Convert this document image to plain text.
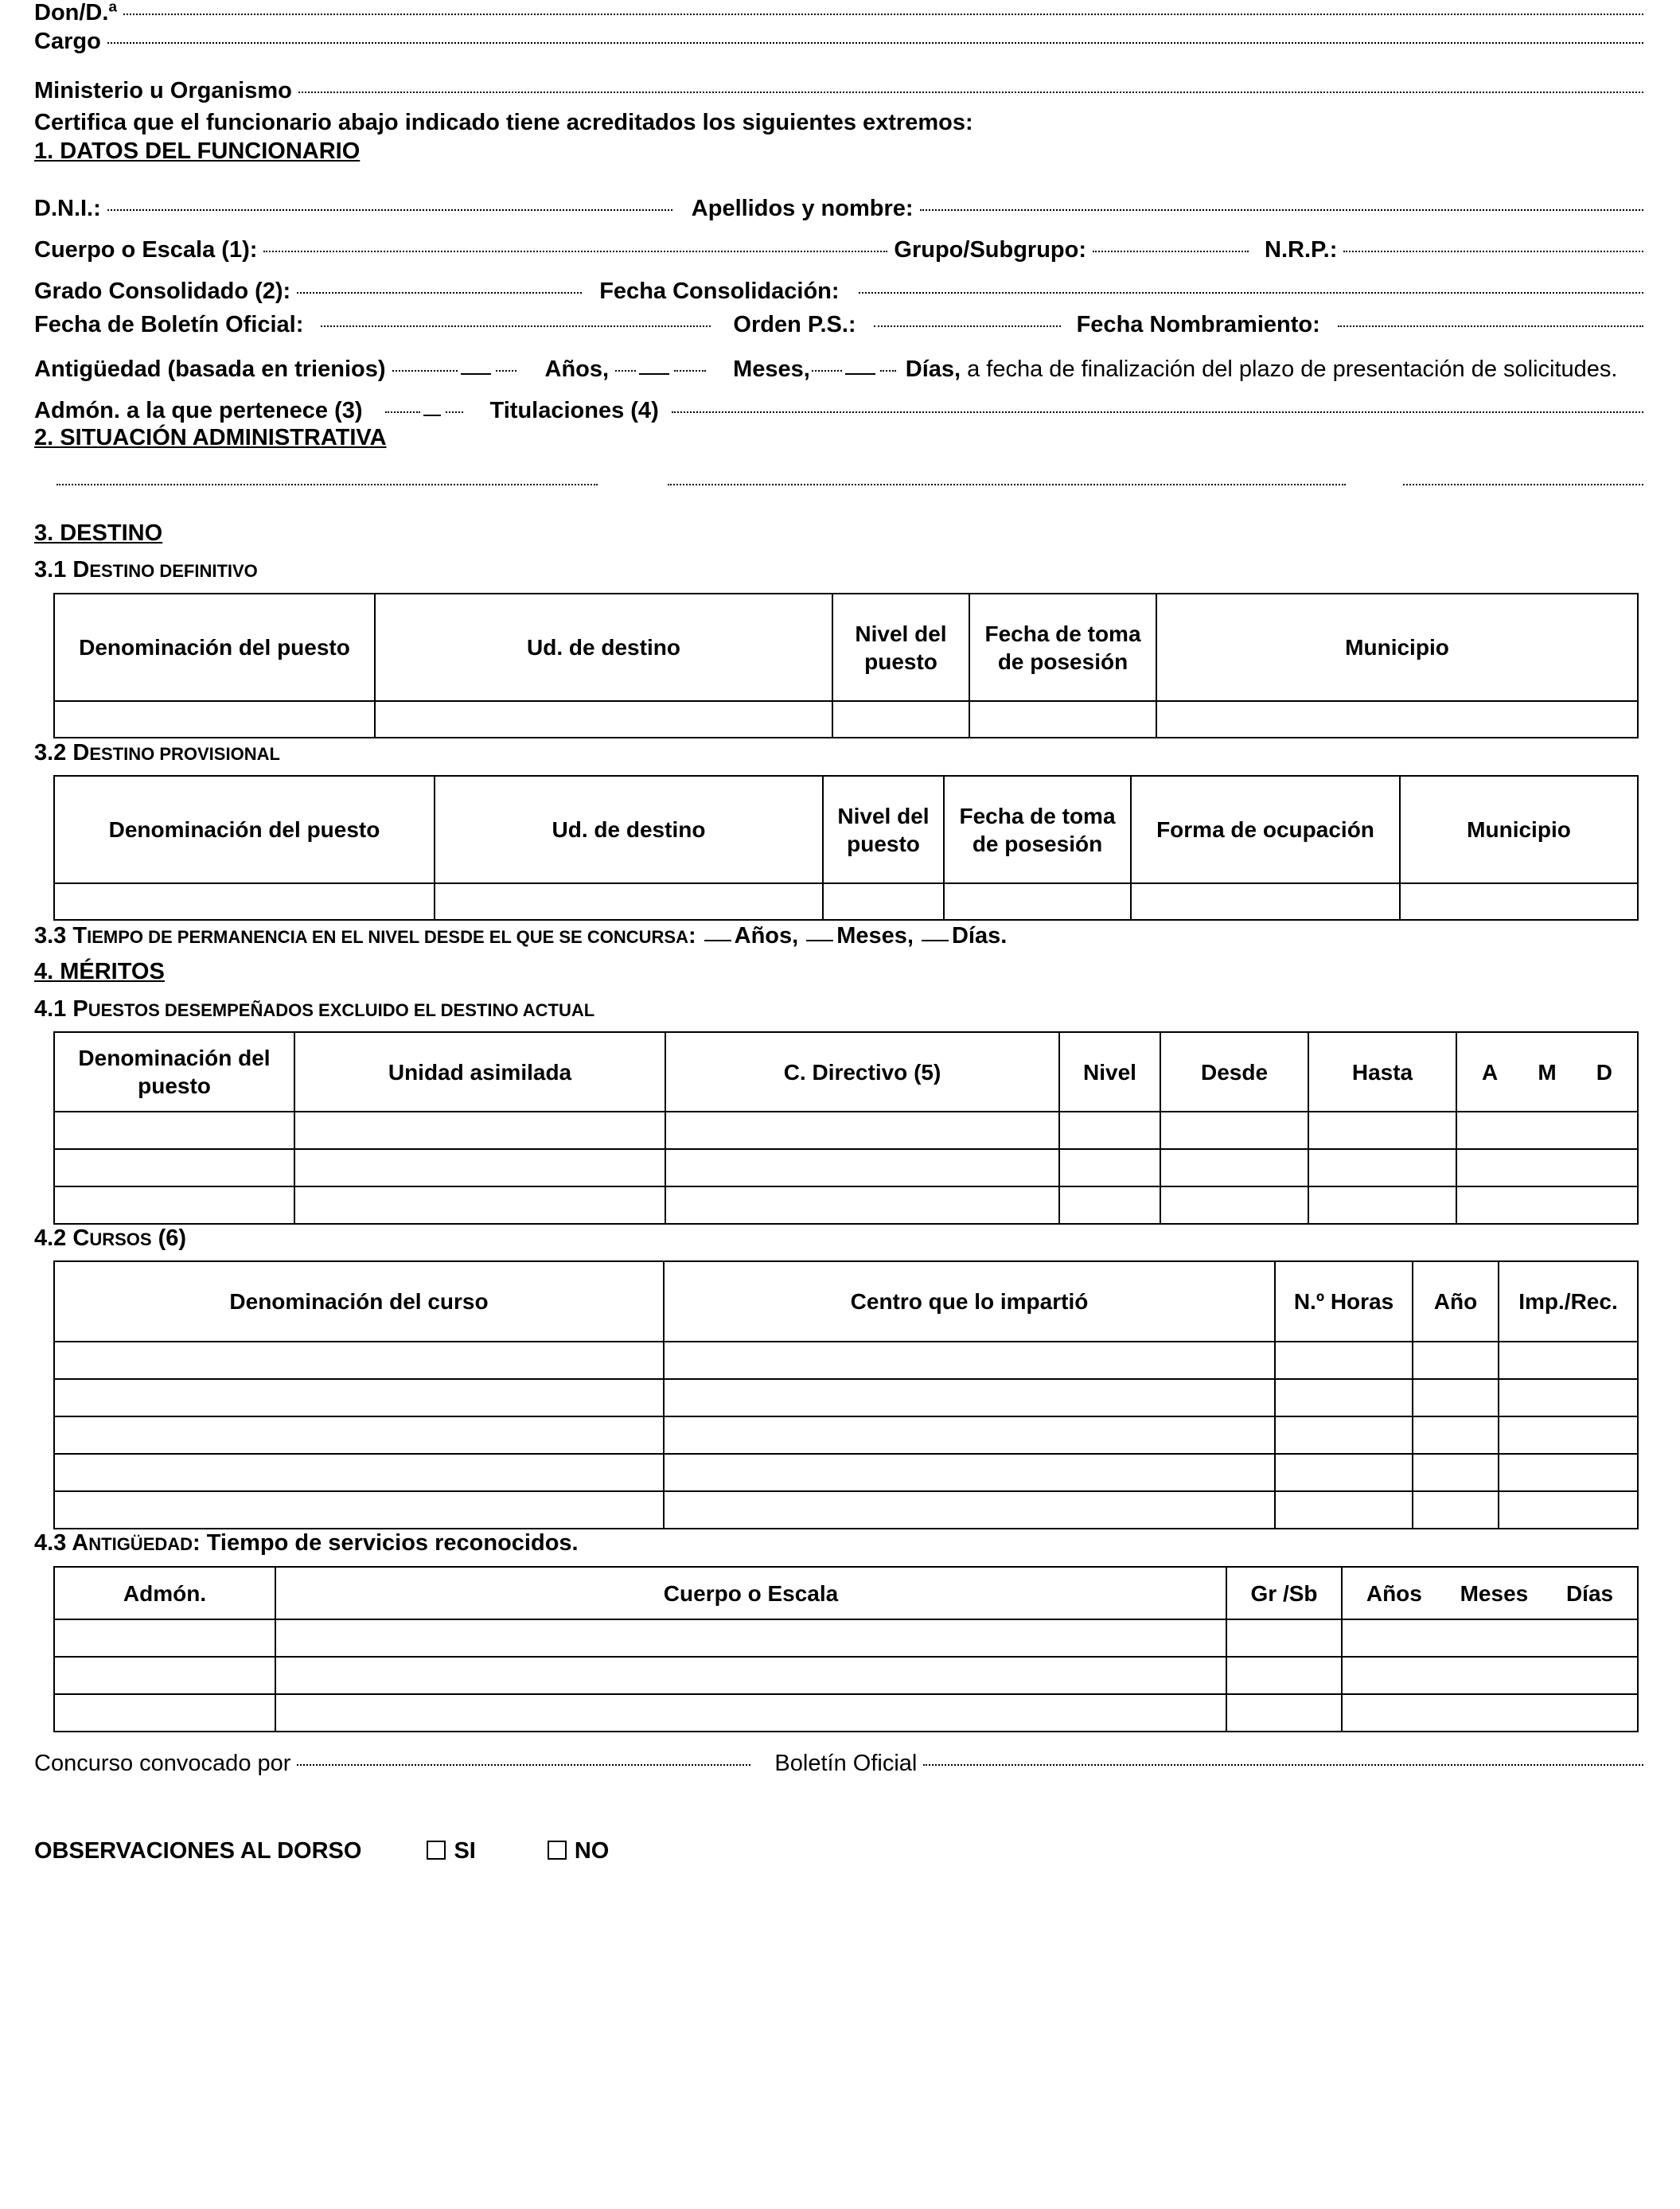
Don/D.ª
Cargo
Ministerio u Organismo
Certifica que el funcionario abajo indicado tiene acreditados los siguientes extremos:
1. DATOS DEL FUNCIONARIO
D.N.I.:	Apellidos y nombre:
Cuerpo o Escala (1):	Grupo/Subgrupo:	N.R.P.:
Grado Consolidado (2):	Fecha Consolidación:
Fecha de Boletín Oficial:	Orden P.S.:	Fecha Nombramiento:
Antigüedad (basada en trienios)	Años,	Meses,	Días, a fecha de finalización del plazo de presentación de solicitudes.
Admón. a la que pertenece (3)	Titulaciones (4)
2. SITUACIÓN ADMINISTRATIVA
3. DESTINO
3.1 DESTINO DEFINITIVO
Denominación del puesto	Ud. de destino	Nivel del puesto	Fecha de toma de posesión	Municipio

3.2 DESTINO PROVISIONAL
Denominación del puesto	Ud. de destino	Nivel del puesto	Fecha de toma de posesión	Forma de ocupación	Municipio

3.3 TIEMPO DE PERMANENCIA EN EL NIVEL DESDE EL QUE SE CONCURSA: Años, Meses, Días.
4. MÉRITOS
4.1 PUESTOS DESEMPEÑADOS EXCLUIDO EL DESTINO ACTUAL
Denominación del puesto	Unidad asimilada	C. Directivo (5)	Nivel	Desde	Hasta	A M D

4.2 CURSOS (6)
Denominación del curso	Centro que lo impartió	N.º Horas	Año	Imp./Rec.

4.3 ANTIGÜEDAD: Tiempo de servicios reconocidos.
Admón.	Cuerpo o Escala	Gr /Sb	Años Meses Días

Concurso convocado por	Boletín Oficial
OBSERVACIONES AL DORSO	SI	NO
